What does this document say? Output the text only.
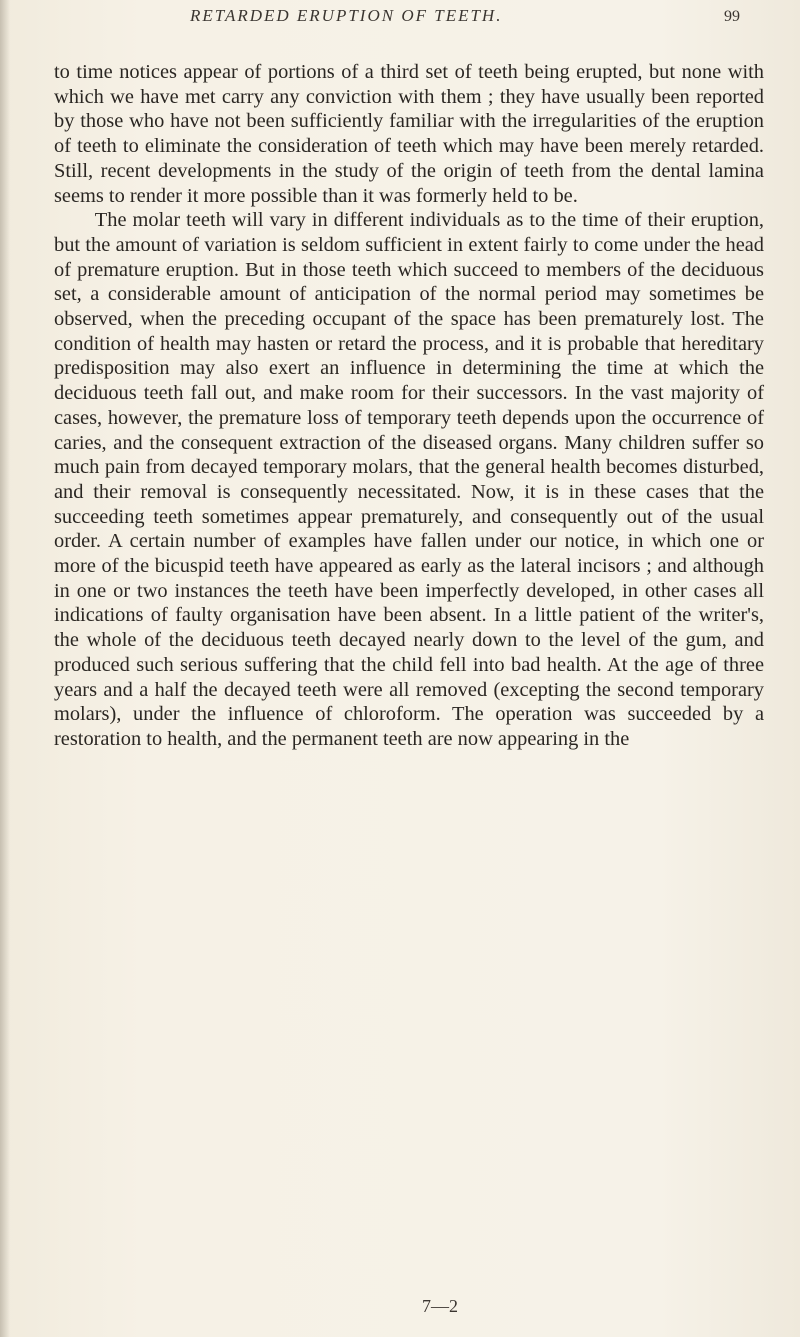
RETARDED ERUPTION OF TEETH.	99

to time notices appear of portions of a third set of teeth being erupted, but none with which we have met carry any conviction with them ; they have usually been reported by those who have not been sufficiently familiar with the irregularities of the eruption of teeth to eliminate the consideration of teeth which may have been merely retarded. Still, recent developments in the study of the origin of teeth from the dental lamina seems to render it more possible than it was formerly held to be.

The molar teeth will vary in different individuals as to the time of their eruption, but the amount of variation is seldom sufficient in extent fairly to come under the head of premature eruption. But in those teeth which succeed to members of the deciduous set, a considerable amount of anticipation of the normal period may sometimes be observed, when the preceding occupant of the space has been prematurely lost. The condition of health may hasten or retard the process, and it is probable that hereditary predisposition may also exert an influence in determining the time at which the deciduous teeth fall out, and make room for their successors. In the vast majority of cases, however, the premature loss of temporary teeth depends upon the occurrence of caries, and the consequent extraction of the diseased organs. Many children suffer so much pain from decayed temporary molars, that the general health becomes disturbed, and their removal is consequently necessitated. Now, it is in these cases that the succeeding teeth sometimes appear prematurely, and consequently out of the usual order. A certain number of examples have fallen under our notice, in which one or more of the bicuspid teeth have appeared as early as the lateral incisors ; and although in one or two instances the teeth have been imperfectly developed, in other cases all indications of faulty organisation have been absent. In a little patient of the writer's, the whole of the deciduous teeth decayed nearly down to the level of the gum, and produced such serious suffering that the child fell into bad health. At the age of three years and a half the decayed teeth were all removed (excepting the second temporary molars), under the influence of chloroform. The operation was succeeded by a restoration to health, and the permanent teeth are now appearing in the

7—2
